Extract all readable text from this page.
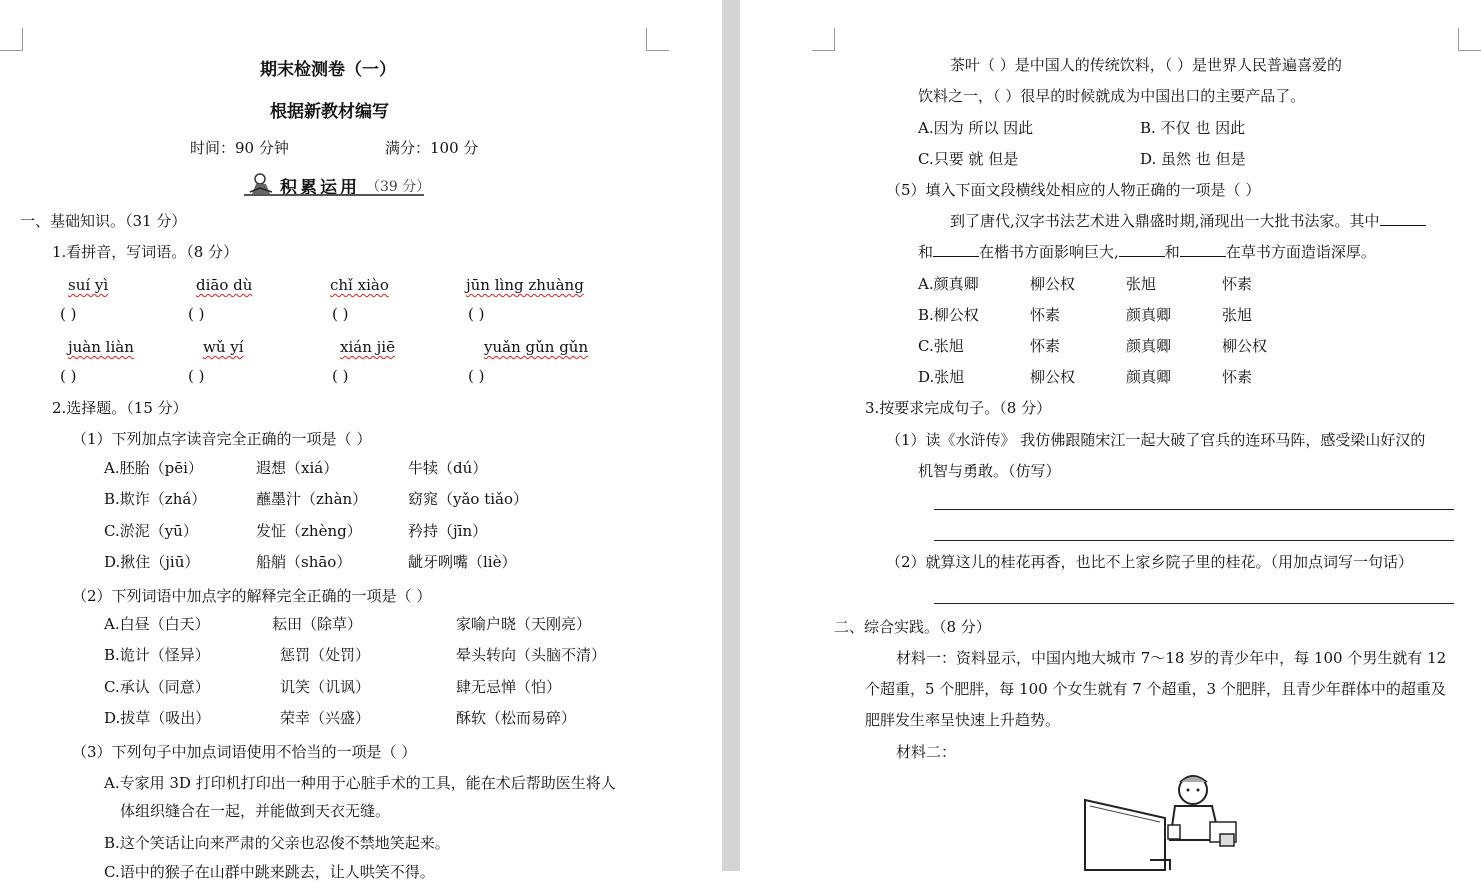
期末检测卷（一）
根据新教材编写
时间：90 分钟	满分：100 分
积累运用 （39 分）
一、基础知识。（31 分）
1.看拼音，写词语。（8 分）
suí yì	diāo dù	chǐ xiào	jūn lìng zhuàng
( )	( )	( )	( )
juàn liàn	wǔ yí	xián jiē	yuǎn gǔn gǔn
( )	( )	( )	( )
2.选择题。（15 分）
（1）下列加点字读音完全正确的一项是（ ）
A.胚胎（pēi）	遐想（xiá）	牛犊（dú）
B.欺诈（zhá）	蘸墨汁（zhàn）	窈窕（yǎo tiǎo）
C.淤泥（yū）	发怔（zhèng）	矜持（jīn）
D.揪住（jiū）	船艄（shāo）	龇牙咧嘴（liè）
（2）下列词语中加点字的解释完全正确的一项是（ ）
A.白昼（白天）	耘田（除草）	家喻户晓（天刚亮）
B.诡计（怪异）	惩罚（处罚）	晕头转向（头脑不清）
C.承认（同意）	讥笑（讥讽）	肆无忌惮（怕）
D.拔草（吸出）	荣幸（兴盛）	酥软（松而易碎）
（3）下列句子中加点词语使用不恰当的一项是（ ）
A.专家用 3D 打印机打印出一种用于心脏手术的工具，能在术后帮助医生将人
体组织缝合在一起，并能做到天衣无缝。
B.这个笑话让向来严肃的父亲也忍俊不禁地笑起来。
C.语中的猴子在山群中跳来跳去，让人哄笑不得。
茶叶（ ）是中国人的传统饮料，（ ）是世界人民普遍喜爱的
饮料之一，（ ）很早的时候就成为中国出口的主要产品了。
A.因为 所以 因此	B. 不仅 也 因此
C.只要 就 但是	D. 虽然 也 但是
（5）填入下面文段横线处相应的人物正确的一项是（ ）
到了唐代,汉字书法艺术进入鼎盛时期,涌现出一大批书法家。其中
和	在楷书方面影响巨大,	和	在草书方面造诣深厚。
A.颜真卿	柳公权	张旭	怀素
B.柳公权	怀素	颜真卿	张旭
C.张旭	怀素	颜真卿	柳公权
D.张旭	柳公权	颜真卿	怀素
3.按要求完成句子。（8 分）
（1）读《水浒传》 我仿佛跟随宋江一起大破了官兵的连环马阵，感受梁山好汉的
机智与勇敢。（仿写）
（2）就算这儿的桂花再香，也比不上家乡院子里的桂花。（用加点词写一句话）
二、综合实践。（8 分）
材料一：资料显示，中国内地大城市 7～18 岁的青少年中，每 100 个男生就有 12
个超重，5 个肥胖，每 100 个女生就有 7 个超重，3 个肥胖，且青少年群体中的超重及
肥胖发生率呈快速上升趋势。
材料二：
